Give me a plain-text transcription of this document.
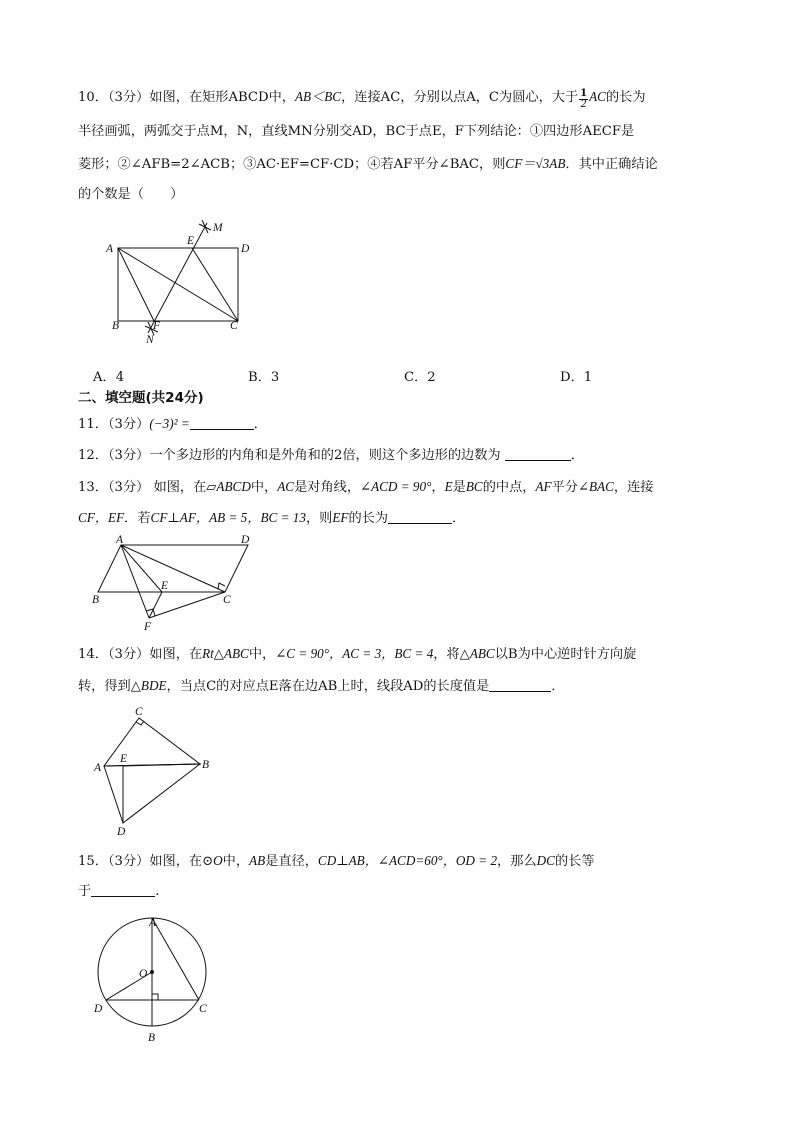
10．（3分）如图，在矩形ABCD中，AB＜BC，连接AC，分别以点A，C为圆心，大于 $\frac{1}{2}$ AC的长为
半径画弧，两弧交于点M，N，直线MN分别交AD，BC于点E，F下列结论：①四边形AECF是
菱形；②∠AFB=2∠ACB；③AC·EF=CF·CD；④若AF平分∠BAC，则CF＝√3AB．其中正确结论
的个数是（　　）
A
B	C
D
E
F
M
N
A．4	B．3	C．2	D．1
二、填空题(共24分)
11．（3分）(−3)² =	．
12．（3分）一个多边形的内角和是外角和的2倍，则这个多边形的边数为	．
13．（3分） 如图，在▱ABCD中，AC是对角线，∠ACD = 90°，E是BC的中点，AF平分∠BAC，连接
CF，EF．若CF⊥AF，AB = 5，BC = 13，则EF的长为	．
A
B	C
D
E
F
14．（3分）如图，在Rt△ABC中，∠C = 90°，AC = 3，BC = 4，将△ABC以B为中心逆时针方向旋
转，得到△BDE，当点C的对应点E落在边AB上时，线段AD的长度值是	．
C
A
E	B
D
15．（3分）如图，在⊙O中，AB是直径，CD⊥AB，∠ACD=60°，OD = 2，那么DC的长等
于	.
A
O
D	C
B
